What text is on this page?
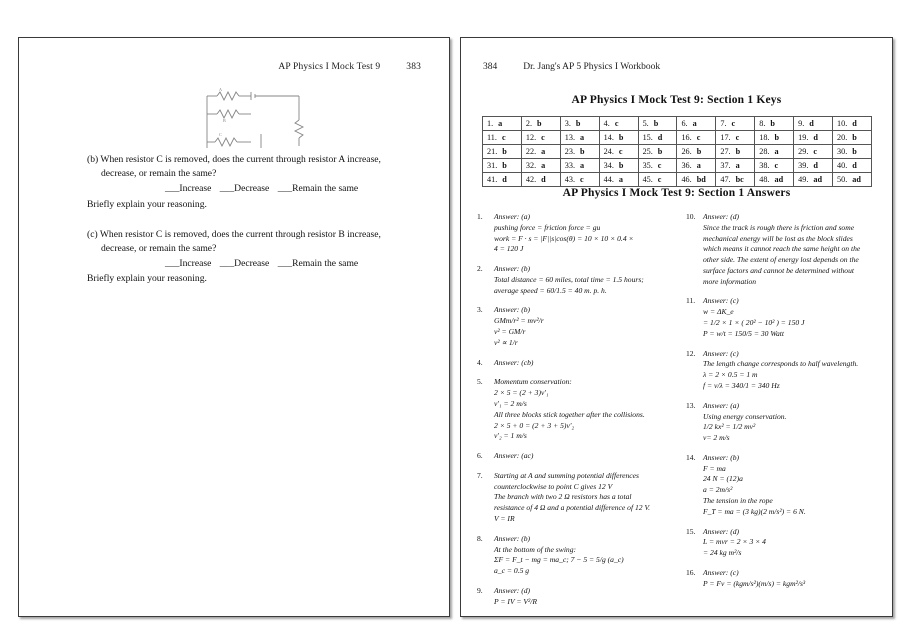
AP Physics I Mock Test 9	383
A
B
C
(b) When resistor C is removed, does the current through resistor A increase,
decrease, or remain the same?
___Increase ___Decrease ___Remain the same
Briefly explain your reasoning.
(c) When resistor C is removed, does the current through resistor B increase,
decrease, or remain the same?
___Increase ___Decrease ___Remain the same
Briefly explain your reasoning.
384	Dr. Jang's AP 5 Physics I Workbook
AP Physics I Mock Test 9: Section 1 Keys
1. a	2. b	3. b	4. c	5. b	6. a	7. c	8. b	9. d	10. d
11. c	12. c	13. a	14. b	15. d	16. c	17. c	18. b	19. d	20. b
21. b	22. a	23. b	24. c	25. b	26. b	27. b	28. a	29. c	30. b
31. b	32. a	33. a	34. b	35. c	36. a	37. a	38. c	39. d	40. d
41. d	42. d	43. c	44. a	45. c	46. bd	47. bc	48. ad	49. ad	50. ad
AP Physics I Mock Test 9: Section 1 Answers
1.	Answer: (a)
pushing force = friction force = gu
work = F · s = |F||s|cos(θ) = 10 × 10 × 0.4 ×
4 = 120 J
2.	Answer: (b)
Total distance = 60 miles, total time = 1.5 hours;
average speed = 60/1.5 = 40 m. p. h.
3.	Answer: (b)
GMm/r² = mv²/r
v² = GM/r
v² ∝ 1/r
4.	Answer: (cb)
5.	Momentum conservation:
2 × 5 = (2 + 3)v'₁
v'₁ = 2 m/s
All three blocks stick together after the collisions.
2 × 5 + 0 = (2 + 3 + 5)v'₂
v'₂ = 1 m/s
6.	Answer: (ac)
7.	Starting at A and summing potential differences
counterclockwise to point C gives 12 V
The branch with two 2 Ω resistors has a total
resistance of 4 Ω and a potential difference of 12 V.
V = IR
8.	Answer: (b)
At the bottom of the swing:
ΣF = F_t − mg = ma_c; 7 − 5 = 5/g (a_c)
a_c = 0.5 g
9.	Answer: (d)
P = IV = V²/R
10. Answer: (d)
Since the track is rough there is friction and some
mechanical energy will be lost as the block slides
which means it cannot reach the same height on the
other side. The extent of energy lost depends on the
surface factors and cannot be determined without
more information
11.	Answer: (c)
w = ΔK_e
= 1/2 × 1 × ( 20² − 10² ) = 150 J
P = w/t = 150/5 = 30 Watt
12. Answer: (c)
The length change corresponds to half wavelength.
λ = 2 × 0.5 = 1 m
f = v/λ = 340/1 = 340 Hz
13. Answer: (a)
Using energy conservation.
1/2 kx² = 1/2 mv²
v= 2 m/s
14. Answer: (b)
F = ma
24 N = (12)a
a = 2m/s²
The tension in the rope
F_T = ma = (3 kg)(2 m/s²) = 6 N.
15. Answer: (d)
L = mvr = 2 × 3 × 4
= 24 kg m²/s
16. Answer: (c)
P = Fv = (kgm/s²)(m/s) = kgm²/s³
